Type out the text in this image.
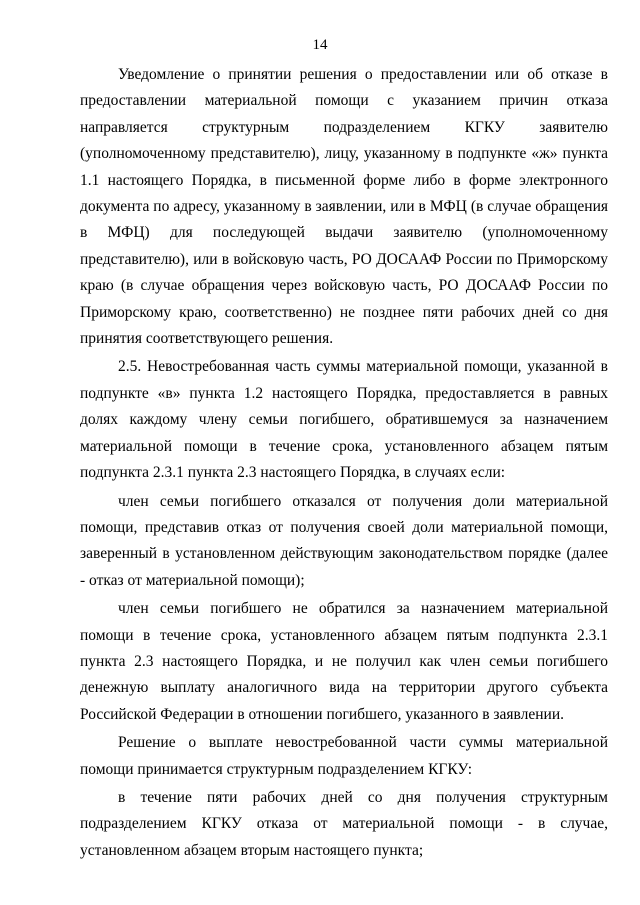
14

Уведомление о принятии решения о предоставлении или об отказе в предоставлении материальной помощи с указанием причин отказа направляется структурным подразделением КГКУ заявителю (уполномоченному представителю), лицу, указанному в подпункте «ж» пункта 1.1 настоящего Порядка, в письменной форме либо в форме электронного документа по адресу, указанному в заявлении, или в МФЦ (в случае обращения в МФЦ) для последующей выдачи заявителю (уполномоченному представителю), или в войсковую часть, РО ДОСААФ России по Приморскому краю (в случае обращения через войсковую часть, РО ДОСААФ России по Приморскому краю, соответственно) не позднее пяти рабочих дней со дня принятия соответствующего решения.

2.5. Невостребованная часть суммы материальной помощи, указанной в подпункте «в» пункта 1.2 настоящего Порядка, предоставляется в равных долях каждому члену семьи погибшего, обратившемуся за назначением материальной помощи в течение срока, установленного абзацем пятым подпункта 2.3.1 пункта 2.3 настоящего Порядка, в случаях если:

член семьи погибшего отказался от получения доли материальной помощи, представив отказ от получения своей доли материальной помощи, заверенный в установленном действующим законодательством порядке (далее - отказ от материальной помощи);

член семьи погибшего не обратился за назначением материальной помощи в течение срока, установленного абзацем пятым подпункта 2.3.1 пункта 2.3 настоящего Порядка, и не получил как член семьи погибшего денежную выплату аналогичного вида на территории другого субъекта Российской Федерации в отношении погибшего, указанного в заявлении.

Решение о выплате невостребованной части суммы материальной помощи принимается структурным подразделением КГКУ:

в течение пяти рабочих дней со дня получения структурным подразделением КГКУ отказа от материальной помощи - в случае, установленном абзацем вторым настоящего пункта;
